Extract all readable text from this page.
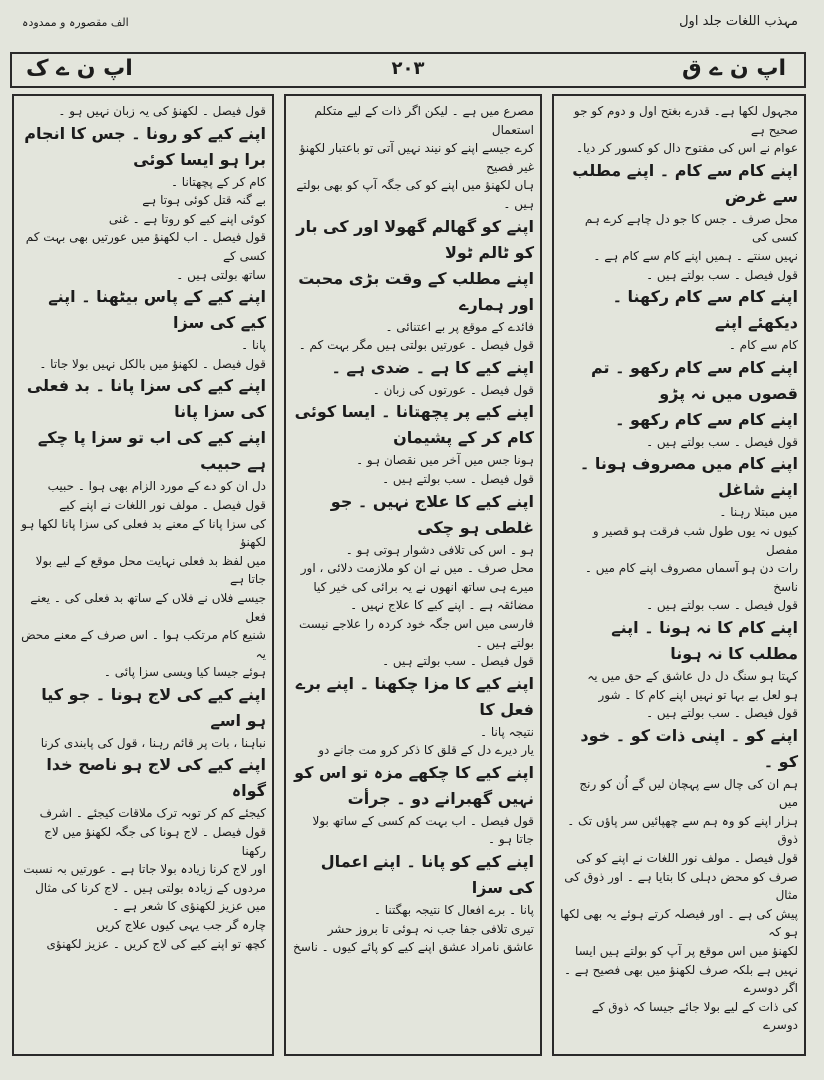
مہذب اللغات جلد اول
الف مقصورہ و ممدودہ
اپ ن ے ق
۲۰۳
اپ ن ے ک
مجہول لکھا ہے۔ قدرے بغتح اول و دوم کو جو صحیح ہے
عوام نے اس کی مفتوح دال کو کسور کر دیا۔
اپنے کام سے کام ۔ اپنے مطلب سے غرض
محل صرف ۔ جس کا جو دل چاہے کرے ہم کسی کی
نہیں سنتے ۔ ہمیں اپنے کام سے کام ہے ۔
قول فیصل ۔ سب بولتے ہیں ۔
اپنے کام سے کام رکھنا ۔ دیکھئے اپنے
کام سے کام ۔
اپنے کام سے کام رکھو ۔ تم قصوں میں نہ پڑو
اپنے کام سے کام رکھو ۔
قول فیصل ۔ سب بولتے ہیں ۔
اپنے کام میں مصروف ہونا ۔ اپنے شاغل
میں مبتلا رہنا ۔
کیوں نہ یوں طول شب فرقت ہو قصیر و مفصل
رات دن ہو آسماں مصروف اپنے کام میں ۔ ناسخ
قول فیصل ۔ سب بولتے ہیں ۔
اپنے کام کا نہ ہونا ۔ اپنے مطلب کا نہ ہونا
کہتا ہو سنگ دل دل عاشق کے حق میں یہ
ہو لعل بے بہا تو نہیں اپنے کام کا ۔ شور
قول فیصل ۔ سب بولتے ہیں ۔
اپنے کو ۔ اپنی ذات کو ۔ خود کو ۔
ہم ان کی چال سے پہچان لیں گے اُن کو رنج میں
ہزار اپنے کو وہ ہم سے چھپائیں سر پاؤں تک ۔ ذوق
قول فیصل ۔ مولف نور اللغات نے اپنے کو کی
صرف کو محض دہلی کا بتایا ہے ۔ اور ذوق کی مثال
پیش کی ہے ۔ اور فیصلہ کرتے ہوئے یہ بھی لکھا ہو کہ
لکھنؤ میں اس موقع پر آپ کو بولتے ہیں ایسا
نہیں ہے بلکہ صرف لکھنؤ میں بھی فصیح ہے ۔ اگر دوسرے
کی ذات کے لیے بولا جائے جیسا کہ ذوق کے دوسرے
مصرع میں ہے ۔ لیکن اگر ذات کے لیے متکلم استعمال
کرے جیسے اپنے کو نیند نہیں آتی تو باعتبار لکھنؤ غیر فصیح
ہاں لکھنؤ میں اپنے کو کی جگہ آپ کو بھی بولتے
ہیں ۔
اپنے کو گھالم گھولا اور کی بار کو ٹالم ٹولا
اپنے مطلب کے وقت بڑی محبت اور ہمارے
فائدے کے موقع پر بے اعتنائی ۔
قول فیصل ۔ عورتیں بولتی ہیں مگر بہت کم ۔
اپنے کیے کا ہے ۔ ضدی ہے ۔
قول فیصل ۔ عورتوں کی زبان ۔
اپنے کیے پر پچھتانا ۔ ایسا کوئی کام کر کے پشیمان
ہونا جس میں آخر میں نقصان ہو ۔
قول فیصل ۔ سب بولتے ہیں ۔
اپنے کیے کا علاج نہیں ۔ جو غلطی ہو چکی
ہو ۔ اس کی تلافی دشوار ہوتی ہو ۔
محل صرف ۔ میں نے ان کو ملازمت دلائی ، اور
میرے ہی ساتھ انھوں نے یہ برائی کی خیر کیا
مضائقہ ہے ۔ اپنے کیے کا علاج نہیں ۔
فارسی میں اس جگہ خود کردہ را علاجے نیست
بولتے ہیں ۔
قول فیصل ۔ سب بولتے ہیں ۔
اپنے کیے کا مزا چکھنا ۔ اپنے برے فعل کا
نتیجہ پانا ۔
یار دیرے دل کے قلق کا ذکر کرو مت جانے دو
اپنے کیے کا چکھے مزہ تو اس کو نہیں گھبرانے دو ۔ جرأت
قول فیصل ۔ اب بہت کم کسی کے ساتھ بولا جاتا ہو ۔
اپنے کیے کو پانا ۔ اپنے اعمال کی سزا
پانا ۔ برے افعال کا نتیجہ بھگتنا ۔
تیری تلافی جفا جب نہ ہوئی تا بروز حشر
عاشق نامراد عشق اپنے کیے کو پائے کیوں ۔ ناسخ
قول فیصل ۔ لکھنؤ کی یہ زبان نہیں ہو ۔
اپنے کیے کو رونا ۔ جس کا انجام برا ہو ایسا کوئی
کام کر کے پچھتانا ۔
بے گنہ قتل کوئی ہوتا ہے
کوئی اپنے کیے کو روتا ہے ۔ غنی
قول فیصل ۔ اب لکھنؤ میں عورتیں بھی بہت کم کسی کے
ساتھ بولتی ہیں ۔
اپنے کیے کے پاس بیٹھنا ۔ اپنے کیے کی سزا
پانا ۔
قول فیصل ۔ لکھنؤ میں بالکل نہیں بولا جاتا ۔
اپنے کیے کی سزا پانا ۔ بد فعلی کی سزا پانا
اپنے کیے کی اب تو سزا پا چکے ہے حبیب
دل ان کو دے کے مورد الزام بھی ہوا ۔ حبیب
قول فیصل ۔ مولف نور اللغات نے اپنے کیے
کی سزا پانا کے معنے بد فعلی کی سزا پانا لکھا ہو لکھنؤ
میں لفظ بد فعلی نہایت محل موقع کے لیے بولا جاتا ہے
جیسے فلاں نے فلاں کے ساتھ بد فعلی کی ۔ یعنے فعل
شنیع کام مرتکب ہوا ۔ اس صرف کے معنے محض یہ
ہوئے جیسا کیا ویسی سزا پائی ۔
اپنے کیے کی لاج ہونا ۔ جو کیا ہو اسے
نباہنا ، بات پر قائم رہنا ، قول کی پابندی کرنا
اپنے کیے کی لاج ہو ناصح خدا گواہ
کیجئے کم کر توبہ ترک ملاقات کیجئے ۔ اشرف
قول فیصل ۔ لاج ہونا کی جگہ لکھنؤ میں لاج رکھنا
اور لاج کرنا زیادہ بولا جاتا ہے ۔ عورتیں بہ نسبت
مردوں کے زیادہ بولتی ہیں ۔ لاج کرنا کی مثال
میں عزیز لکھنؤی کا شعر ہے ۔
چارہ گر جب یہی کیوں علاج کریں
کچھ تو اپنے کیے کی لاج کریں ۔ عزیز لکھنؤی
